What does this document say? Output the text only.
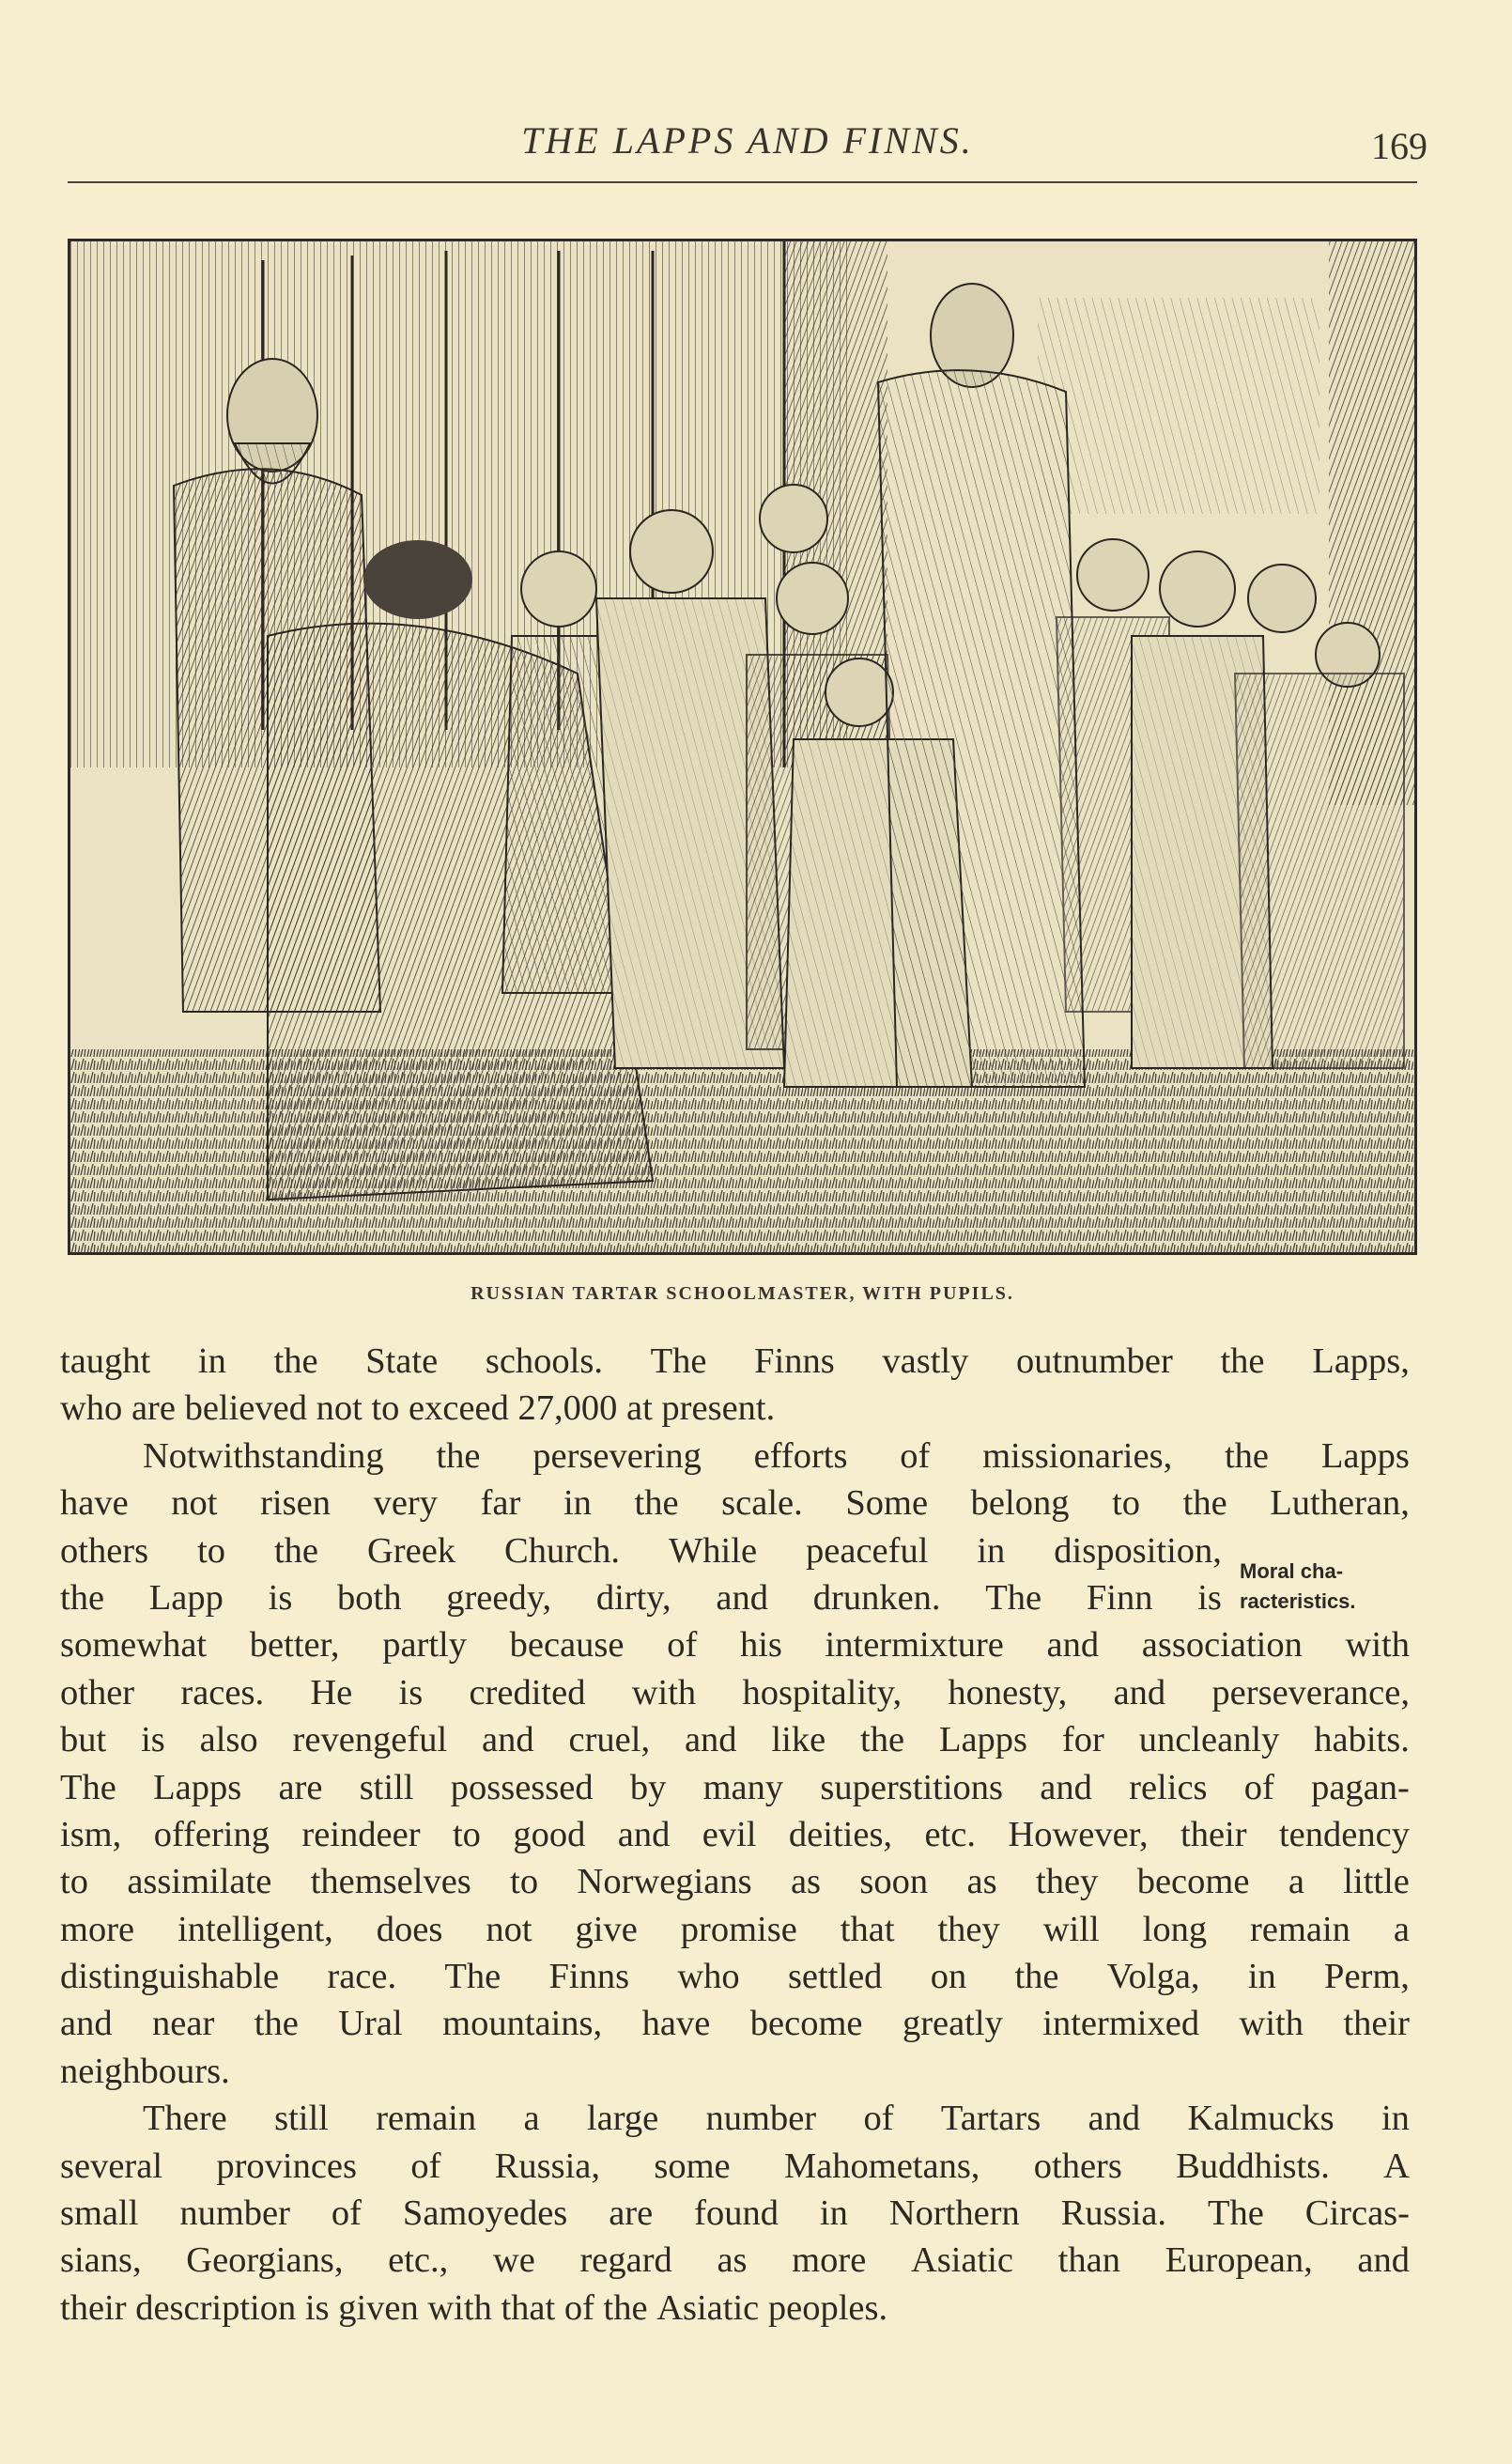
THE LAPPS AND FINNS.	169
RUSSIAN TARTAR SCHOOLMASTER, WITH PUPILS.
Moral cha-
racteristics.
taught in the State schools. The Finns vastly outnumber the Lapps,
who are believed not to exceed 27,000 at present.
Notwithstanding the persevering efforts of missionaries, the Lapps
have not risen very far in the scale. Some belong to the Lutheran,
others to the Greek Church. While peaceful in disposition,
the Lapp is both greedy, dirty, and drunken. The Finn is
somewhat better, partly because of his intermixture and association with
other races. He is credited with hospitality, honesty, and perseverance,
but is also revengeful and cruel, and like the Lapps for uncleanly habits.
The Lapps are still possessed by many superstitions and relics of pagan-
ism, offering reindeer to good and evil deities, etc. However, their tendency
to assimilate themselves to Norwegians as soon as they become a little
more intelligent, does not give promise that they will long remain a
distinguishable race. The Finns who settled on the Volga, in Perm,
and near the Ural mountains, have become greatly intermixed with their
neighbours.
There still remain a large number of Tartars and Kalmucks in
several provinces of Russia, some Mahometans, others Buddhists. A
small number of Samoyedes are found in Northern Russia. The Circas-
sians, Georgians, etc., we regard as more Asiatic than European, and
their description is given with that of the Asiatic peoples.
